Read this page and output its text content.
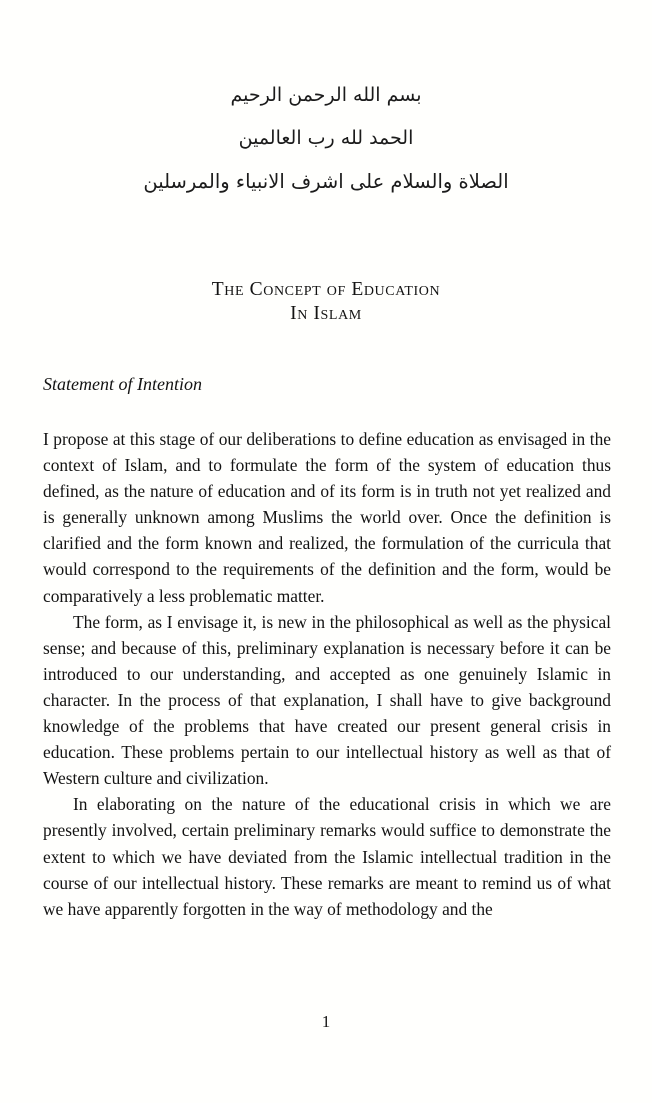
بسم الله الرحمن الرحيم
الحمد لله رب العالمين
الصلاة والسلام على اشرف الانبياء والمرسلين
The Concept of Education
In Islam
Statement of Intention

I propose at this stage of our deliberations to define education as envisaged in the context of Islam, and to formulate the form of the system of education thus defined, as the nature of education and of its form is in truth not yet realized and is generally unknown among Muslims the world over. Once the definition is clarified and the form known and realized, the formulation of the curricula that would correspond to the requirements of the definition and the form, would be comparatively a less problematic matter.

The form, as I envisage it, is new in the philosophical as well as the physical sense; and because of this, preliminary explanation is necessary before it can be introduced to our understanding, and accepted as one genuinely Islamic in character. In the process of that explanation, I shall have to give background knowledge of the problems that have created our present general crisis in education. These problems pertain to our intellectual history as well as that of Western culture and civilization.

In elaborating on the nature of the educational crisis in which we are presently involved, certain preliminary remarks would suffice to demonstrate the extent to which we have deviated from the Islamic intellectual tradition in the course of our intellectual history. These remarks are meant to remind us of what we have apparently forgotten in the way of methodology and the

1
